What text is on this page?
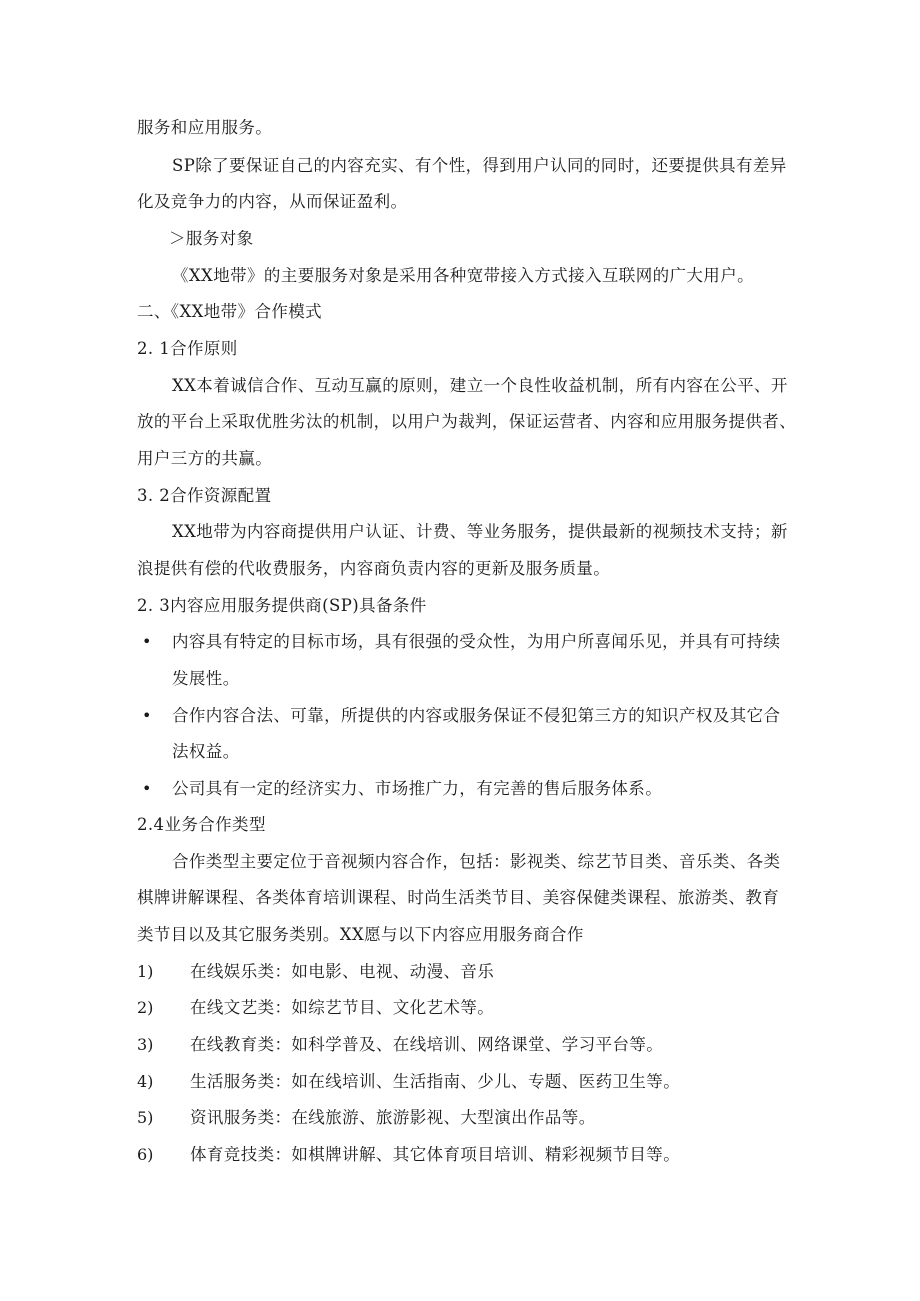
服务和应用服务。
SP除了要保证自己的内容充实、有个性，得到用户认同的同时，还要提供具有差异
化及竞争力的内容，从而保证盈利。
＞服务对象
《XX地带》的主要服务对象是采用各种宽带接入方式接入互联网的广大用户。
二、《XX地带》合作模式
2. 1合作原则
XX本着诚信合作、互动互赢的原则，建立一个良性收益机制，所有内容在公平、开
放的平台上采取优胜劣汰的机制，以用户为裁判，保证运营者、内容和应用服务提供者、
用户三方的共赢。
3. 2合作资源配置
XX地带为内容商提供用户认证、计费、等业务服务，提供最新的视频技术支持；新
浪提供有偿的代收费服务，内容商负责内容的更新及服务质量。
2. 3内容应用服务提供商(SP)具备条件
• 内容具有特定的目标市场，具有很强的受众性，为用户所喜闻乐见，并具有可持续
发展性。
• 合作内容合法、可靠，所提供的内容或服务保证不侵犯第三方的知识产权及其它合
法权益。
• 公司具有一定的经济实力、市场推广力，有完善的售后服务体系。
2.4业务合作类型
合作类型主要定位于音视频内容合作，包括：影视类、综艺节目类、音乐类、各类
棋牌讲解课程、各类体育培训课程、时尚生活类节目、美容保健类课程、旅游类、教育
类节目以及其它服务类别。XX愿与以下内容应用服务商合作
1) 在线娱乐类：如电影、电视、动漫、音乐
2) 在线文艺类：如综艺节目、文化艺术等。
3) 在线教育类：如科学普及、在线培训、网络课堂、学习平台等。
4) 生活服务类：如在线培训、生活指南、少儿、专题、医药卫生等。
5) 资讯服务类：在线旅游、旅游影视、大型演出作品等。
6) 体育竞技类：如棋牌讲解、其它体育项目培训、精彩视频节目等。
